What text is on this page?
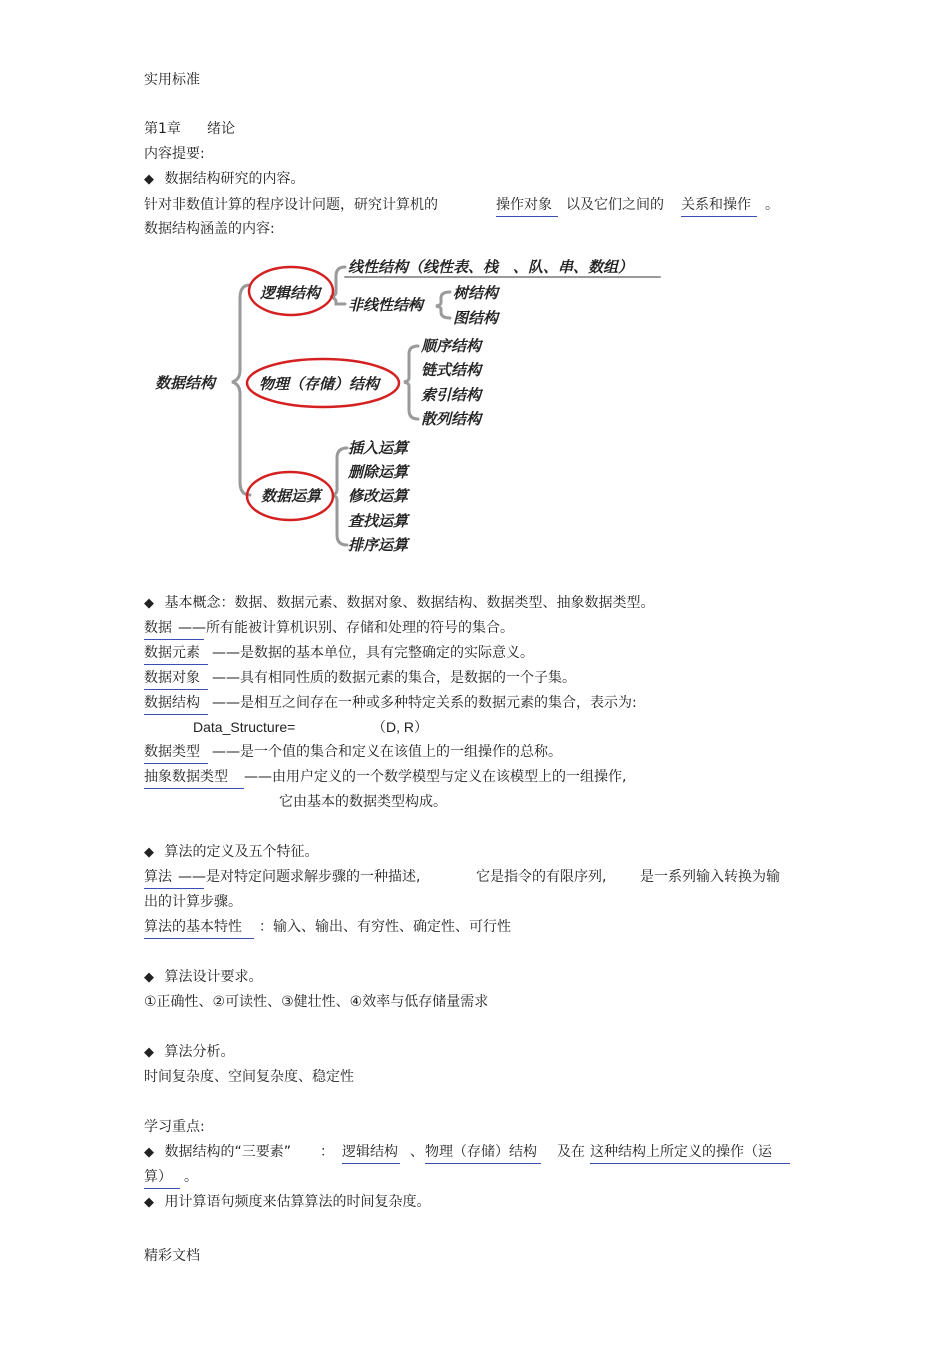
实用标准
第1章 绪论
内容提要:
◆ 数据结构研究的内容。
针对非数值计算的程序设计问题，研究计算机的	操作对象	以及它们之间的 关系和操作	。
数据结构涵盖的内容:
数据结构
逻辑结构
线性结构（线性表、栈　、队、串、数组）
非线性结构
树结构
图结构
物理（存储）结构
顺序结构
链式结构
索引结构
散列结构
数据运算
插入运算
删除运算
修改运算
查找运算
排序运算
◆ 基本概念：数据、数据元素、数据对象、数据结构、数据类型、抽象数据类型。
数据 ——所有能被计算机识别、存储和处理的符号的集合。
数据元素 ——是数据的基本单位，具有完整确定的实际意义。
数据对象 ——具有相同性质的数据元素的集合，是数据的一个子集。
数据结构 ——是相互之间存在一种或多种特定关系的数据元素的集合，表示为:
Data_Structure=	（D, R）
数据类型 ——是一个值的集合和定义在该值上的一组操作的总称。
抽象数据类型	——由用户定义的一个数学模型与定义在该模型上的一组操作,
它由基本的数据类型构成。
◆ 算法的定义及五个特征。
算法 ——是对特定问题求解步骤的一种描述,	它是指令的有限序列, 是一系列输入转换为输
出的计算步骤。
算法的基本特性	：输入、输出、有穷性、确定性、可行性
◆ 算法设计要求。
①正确性、②可读性、③健壮性、④效率与低存储量需求
◆ 算法分析。
时间复杂度、空间复杂度、稳定性
学习重点:
◆ 数据结构的“三要素” ： 逻辑结构 、 物理（存储）结构 及在 这种结构上所定义的操作（运
算） 。
◆ 用计算语句频度来估算算法的时间复杂度。
精彩文档
